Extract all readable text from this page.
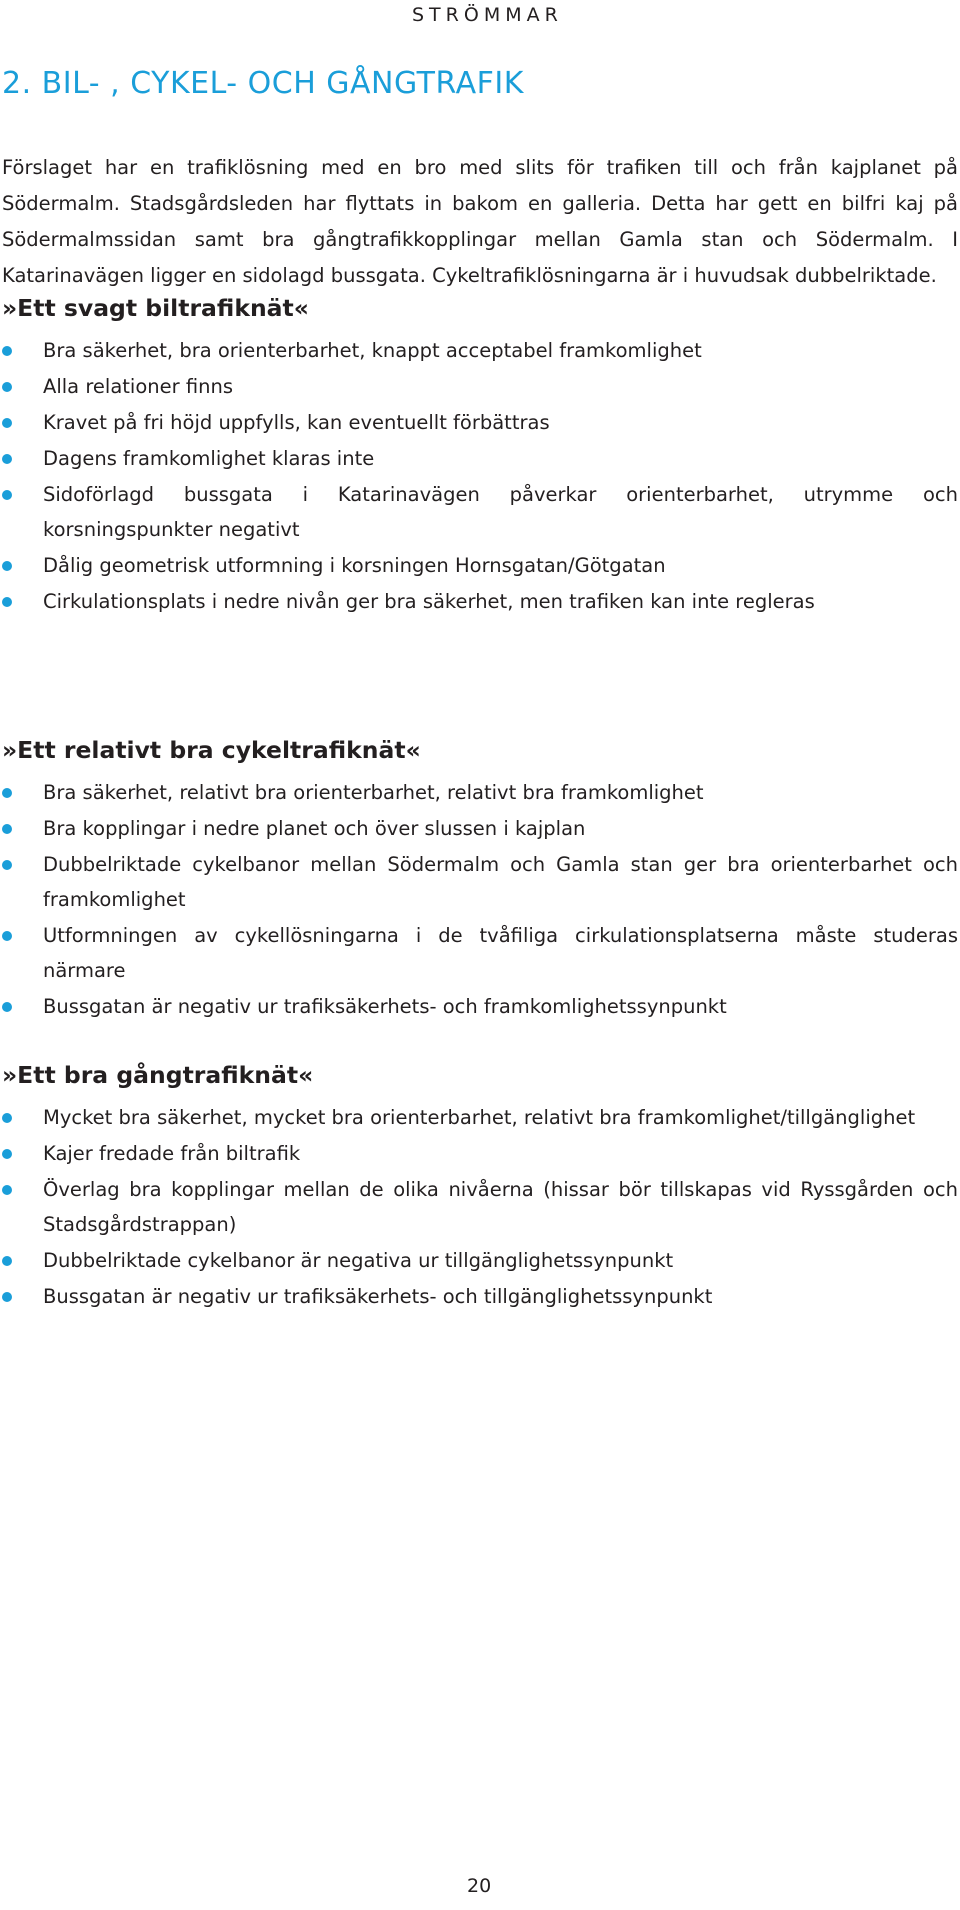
STRÖMMAR
2. BIL- , CYKEL- OCH GÅNGTRAFIK

Förslaget har en trafiklösning med en bro med slits för trafiken till och från kajplanet på Södermalm. Stadsgårdsleden har flyttats in bakom en galleria. Detta har gett en bilfri kaj på Södermalmssidan samt bra gångtrafikkopplingar mellan Gamla stan och Södermalm. I Katarinavägen ligger en sidolagd bussgata. Cykeltrafiklösningarna är i huvudsak dubbelriktade.

»Ett svagt biltrafiknät«
Bra säkerhet, bra orienterbarhet, knappt acceptabel framkomlighet
Alla relationer finns
Kravet på fri höjd uppfylls, kan eventuellt förbättras
Dagens framkomlighet klaras inte
Sidoförlagd bussgata i Katarinavägen påverkar orienterbarhet, utrymme och korsningspunkter negativt
Dålig geometrisk utformning i korsningen Hornsgatan/Götgatan
Cirkulationsplats i nedre nivån ger bra säkerhet, men trafiken kan inte regleras
»Ett relativt bra cykeltrafiknät«
Bra säkerhet, relativt bra orienterbarhet, relativt bra framkomlighet
Bra kopplingar i nedre planet och över slussen i kajplan
Dubbelriktade cykelbanor mellan Södermalm och Gamla stan ger bra orienterbarhet och framkomlighet
Utformningen av cykellösningarna i de tvåfiliga cirkulationsplatserna måste studeras närmare
Bussgatan är negativ ur trafiksäkerhets- och framkomlighetssynpunkt
»Ett bra gångtrafiknät«
Mycket bra säkerhet, mycket bra orienterbarhet, relativt bra framkomlighet/tillgänglighet
Kajer fredade från biltrafik
Överlag bra kopplingar mellan de olika nivåerna (hissar bör tillskapas vid Ryssgården och Stadsgårdstrappan)
Dubbelriktade cykelbanor är negativa ur tillgänglighetssynpunkt
Bussgatan är negativ ur trafiksäkerhets- och tillgänglighetssynpunkt
20
